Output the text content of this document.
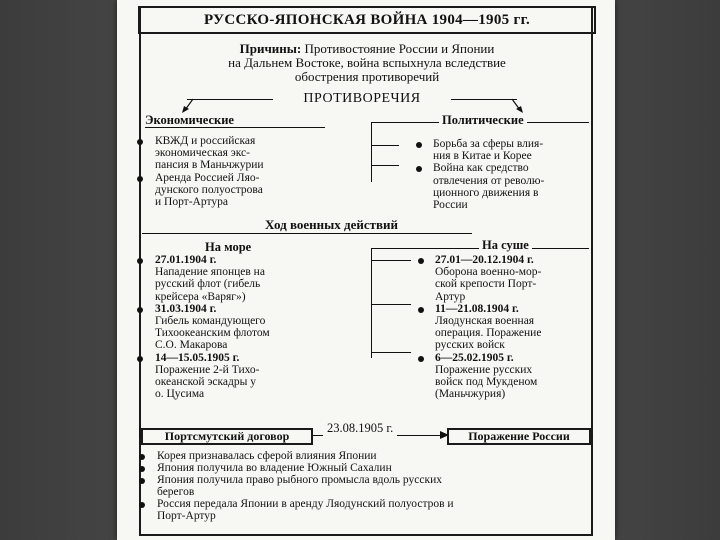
РУССКО-ЯПОНСКАЯ ВОЙНА 1904—1905 гг.
Причины: Противостояние России и Японии
на Дальнем Востоке, война вспыхнула вследствие
обострения противоречий
ПРОТИВОРЕЧИЯ
Экономические
КВЖД и российская
экономическая экс-
пансия в Маньчжурии
Аренда Россией Ляо-
дунского полуострова
и Порт-Артура
Политические
Борьба за сферы влия-
ния в Китае и Корее
Война как средство
отвлечения от револю-
ционного движения в
России
Ход военных действий
На море
27.01.1904 г.
Нападение японцев на
русский флот (гибель
крейсера «Варяг»)
31.03.1904 г.
Гибель командующего
Тихоокеанским флотом
С.О. Макарова
14—15.05.1905 г.
Поражение 2-й Тихо-
океанской эскадры у
о. Цусима
На суше
27.01—20.12.1904 г.
Оборона военно-мор-
ской крепости Порт-
Артур
11—21.08.1904 г.
Ляодунская военная
операция. Поражение
русских войск
6—25.02.1905 г.
Поражение русских
войск под Мукденом
(Маньчжурия)
Портсмутский договор
23.08.1905 г.
Поражение России
Корея признавалась сферой влияния Японии
Япония получила во владение Южный Сахалин
Япония получила право рыбного промысла вдоль русских
берегов
Россия передала Японии в аренду Ляодунский полуостров и
Порт-Артур
